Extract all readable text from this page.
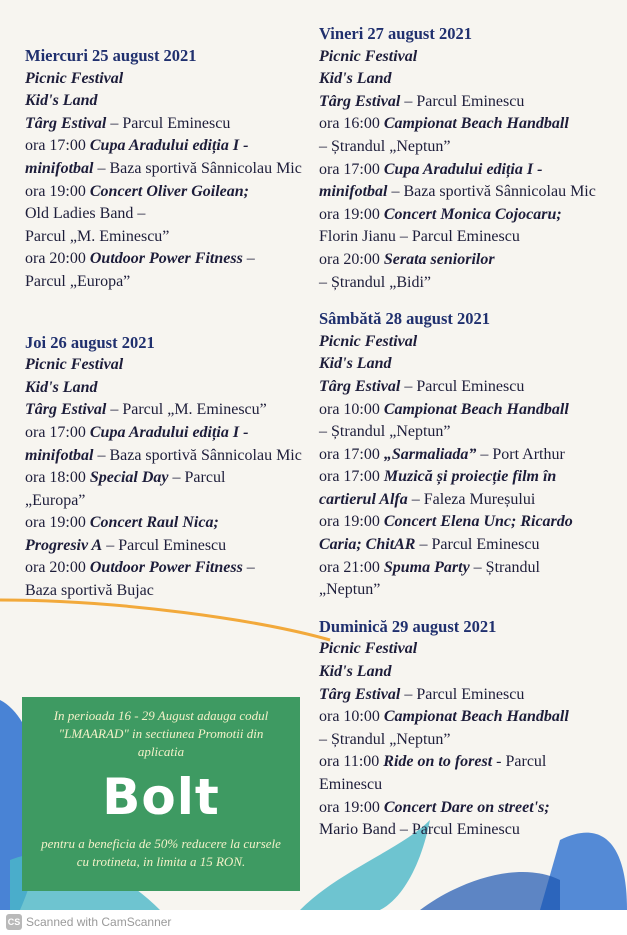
Miercuri 25 august 2021
Picnic Festival
Kid's Land
Târg Estival – Parcul Eminescu
ora 17:00 Cupa Aradului ediția I -
minifotbal – Baza sportivă Sânnicolau Mic
ora 19:00 Concert Oliver Goilean;
Old Ladies Band –
Parcul „M. Eminescu”
ora 20:00 Outdoor Power Fitness –
Parcul „Europa”
Joi 26 august 2021
Picnic Festival
Kid's Land
Târg Estival – Parcul „M. Eminescu”
ora 17:00 Cupa Aradului ediția I -
minifotbal – Baza sportivă Sânnicolau Mic
ora 18:00 Special Day – Parcul
„Europa”
ora 19:00 Concert Raul Nica;
Progresiv A – Parcul Eminescu
ora 20:00 Outdoor Power Fitness –
Baza sportivă Bujac
Vineri 27 august 2021
Picnic Festival
Kid's Land
Târg Estival – Parcul Eminescu
ora 16:00 Campionat Beach Handball
– Ștrandul „Neptun”
ora 17:00 Cupa Aradului ediția I -
minifotbal – Baza sportivă Sânnicolau Mic
ora 19:00 Concert Monica Cojocaru;
Florin Jianu – Parcul Eminescu
ora 20:00 Serata seniorilor
– Ștrandul „Bidi”
Sâmbătă 28 august 2021
Picnic Festival
Kid's Land
Târg Estival – Parcul Eminescu
ora 10:00 Campionat Beach Handball
– Ștrandul „Neptun”
ora 17:00 „Sarmaliada” – Port Arthur
ora 17:00 Muzică și proiecție film în
cartierul Alfa – Faleza Mureșului
ora 19:00 Concert Elena Unc; Ricardo
Caria; ChitAR – Parcul Eminescu
ora 21:00 Spuma Party – Ștrandul
„Neptun”
Duminică 29 august 2021
Picnic Festival
Kid's Land
Târg Estival – Parcul Eminescu
ora 10:00 Campionat Beach Handball
– Ștrandul „Neptun”
ora 11:00 Ride on to forest - Parcul
Eminescu
ora 19:00 Concert Dare on street's;
Mario Band – Parcul Eminescu
In perioada 16 - 29 August adauga codul "LMAARAD" in sectiunea Promotii din aplicatia
Bolt
pentru a beneficia de 50% reducere la cursele cu trotineta, in limita a 15 RON.
CS Scanned with CamScanner
